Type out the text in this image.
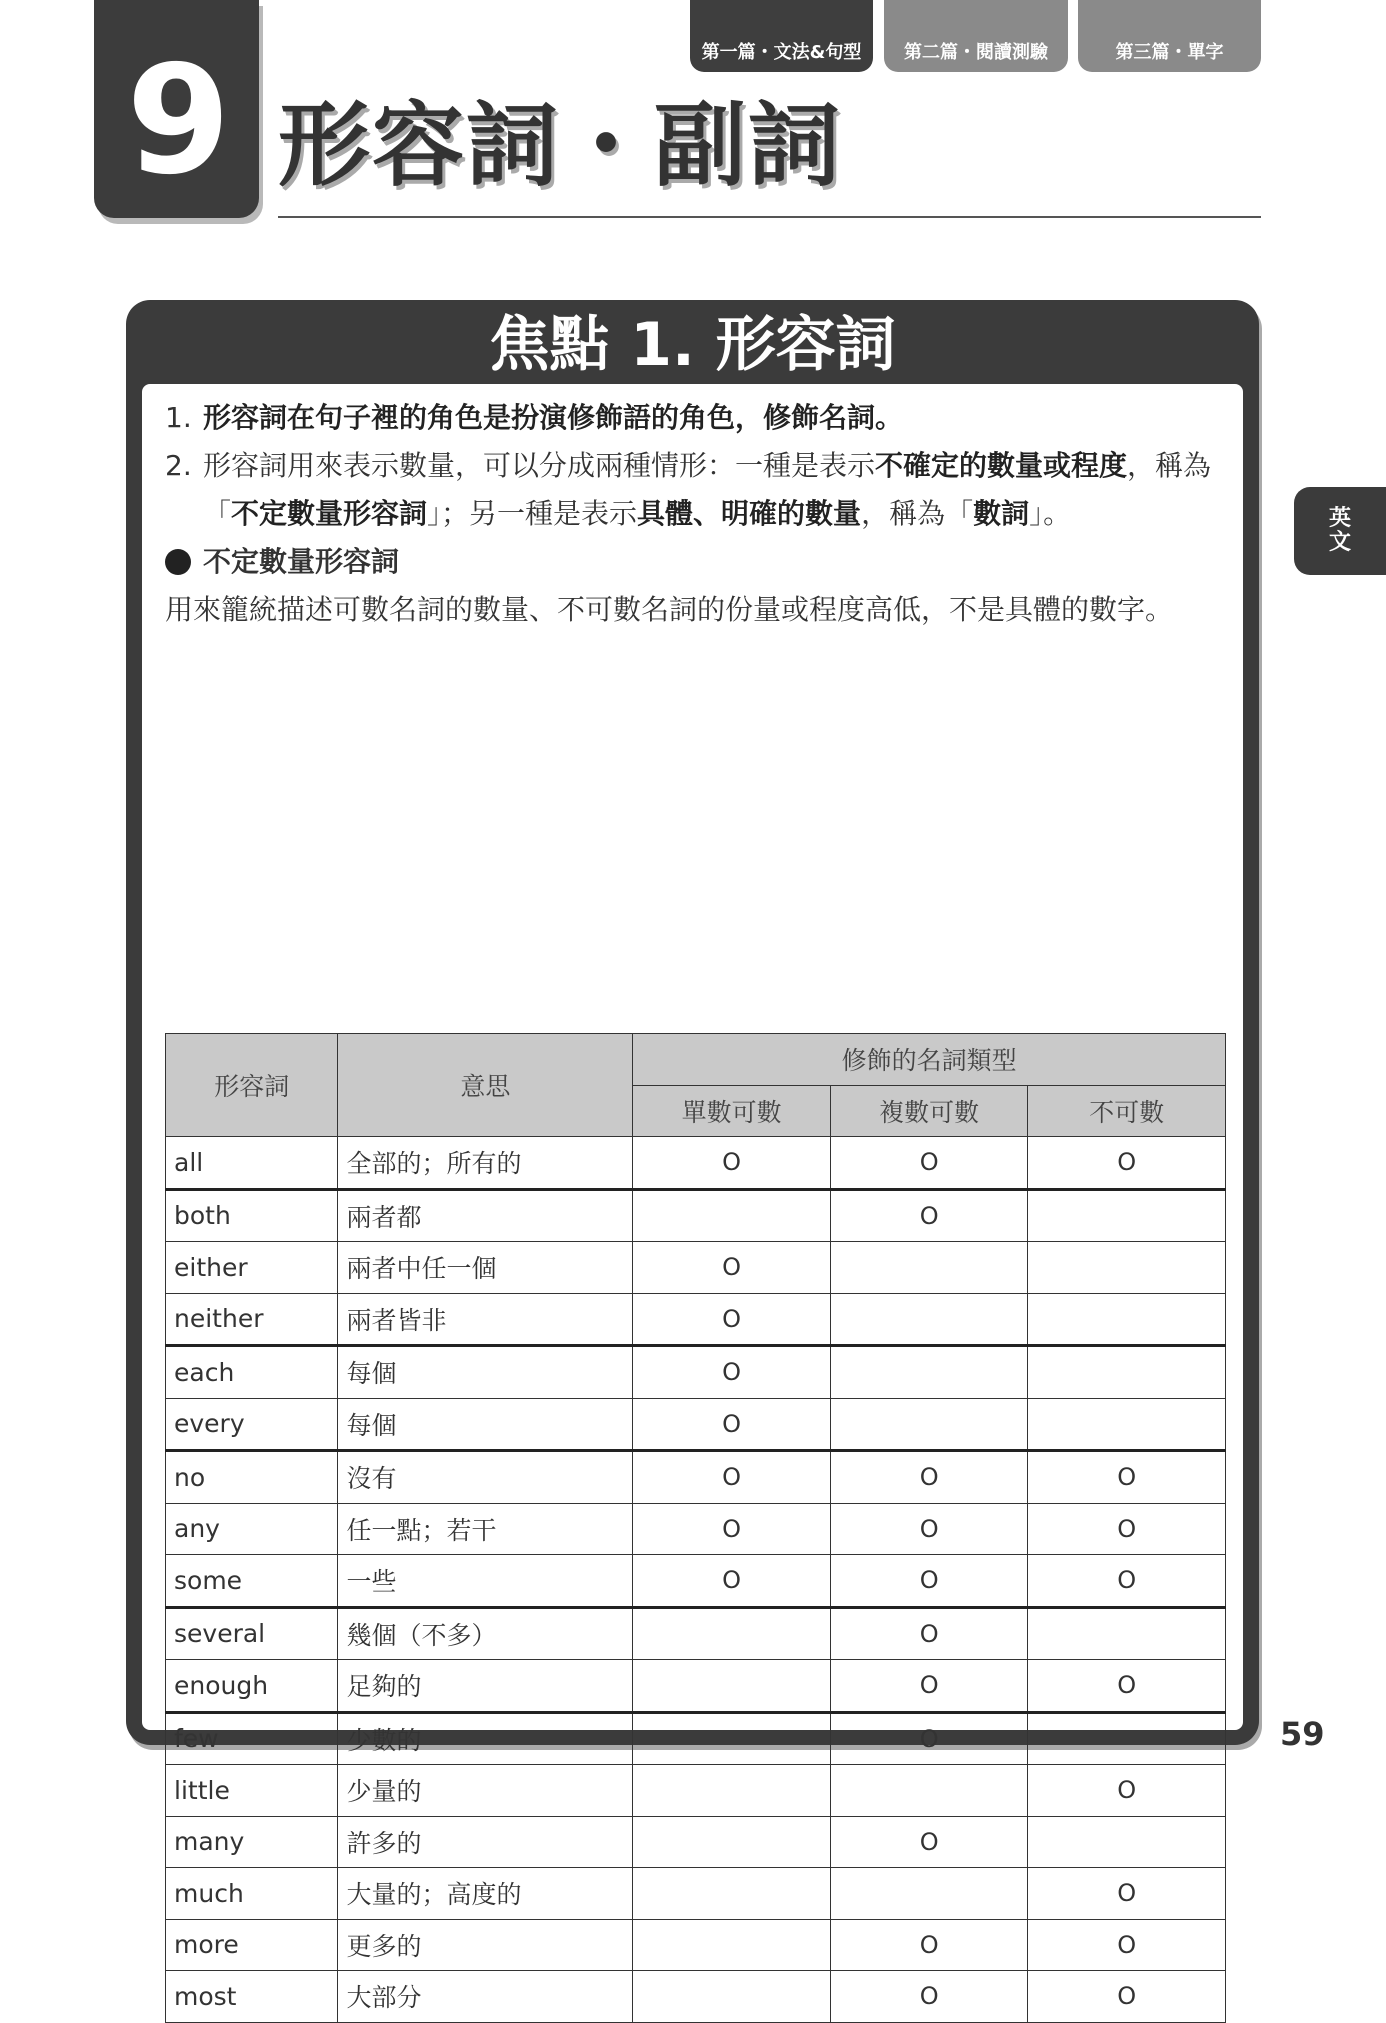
9 形容詞・副詞
第一篇・文法&句型	第二篇・閱讀測驗	第三篇・單字
英文
焦點 1. 形容詞

1. 形容詞在句子裡的角色是扮演修飾語的角色，修飾名詞。

2. 形容詞用來表示數量，可以分成兩種情形：一種是表示不確定的數量或程度，稱為「不定數量形容詞」；另一種是表示具體、明確的數量，稱為「數詞」。

不定數量形容詞

用來籠統描述可數名詞的數量、不可數名詞的份量或程度高低，不是具體的數字。

形容詞	意思	修飾的名詞類型		
		單數可數	複數可數	不可數
all	全部的；所有的	O	O	O
both	兩者都		O	
either	兩者中任一個	O		
neither	兩者皆非	O		
each	每個	O		
every	每個	O		
no	沒有	O	O	O
any	任一點；若干	O	O	O
some	一些	O	O	O
several	幾個（不多）		O	
enough	足夠的		O	O
few	少數的		O	
little	少量的			O
many	許多的		O	
much	大量的；高度的			O
more	更多的		O	O
most	大部分		O	O
59
